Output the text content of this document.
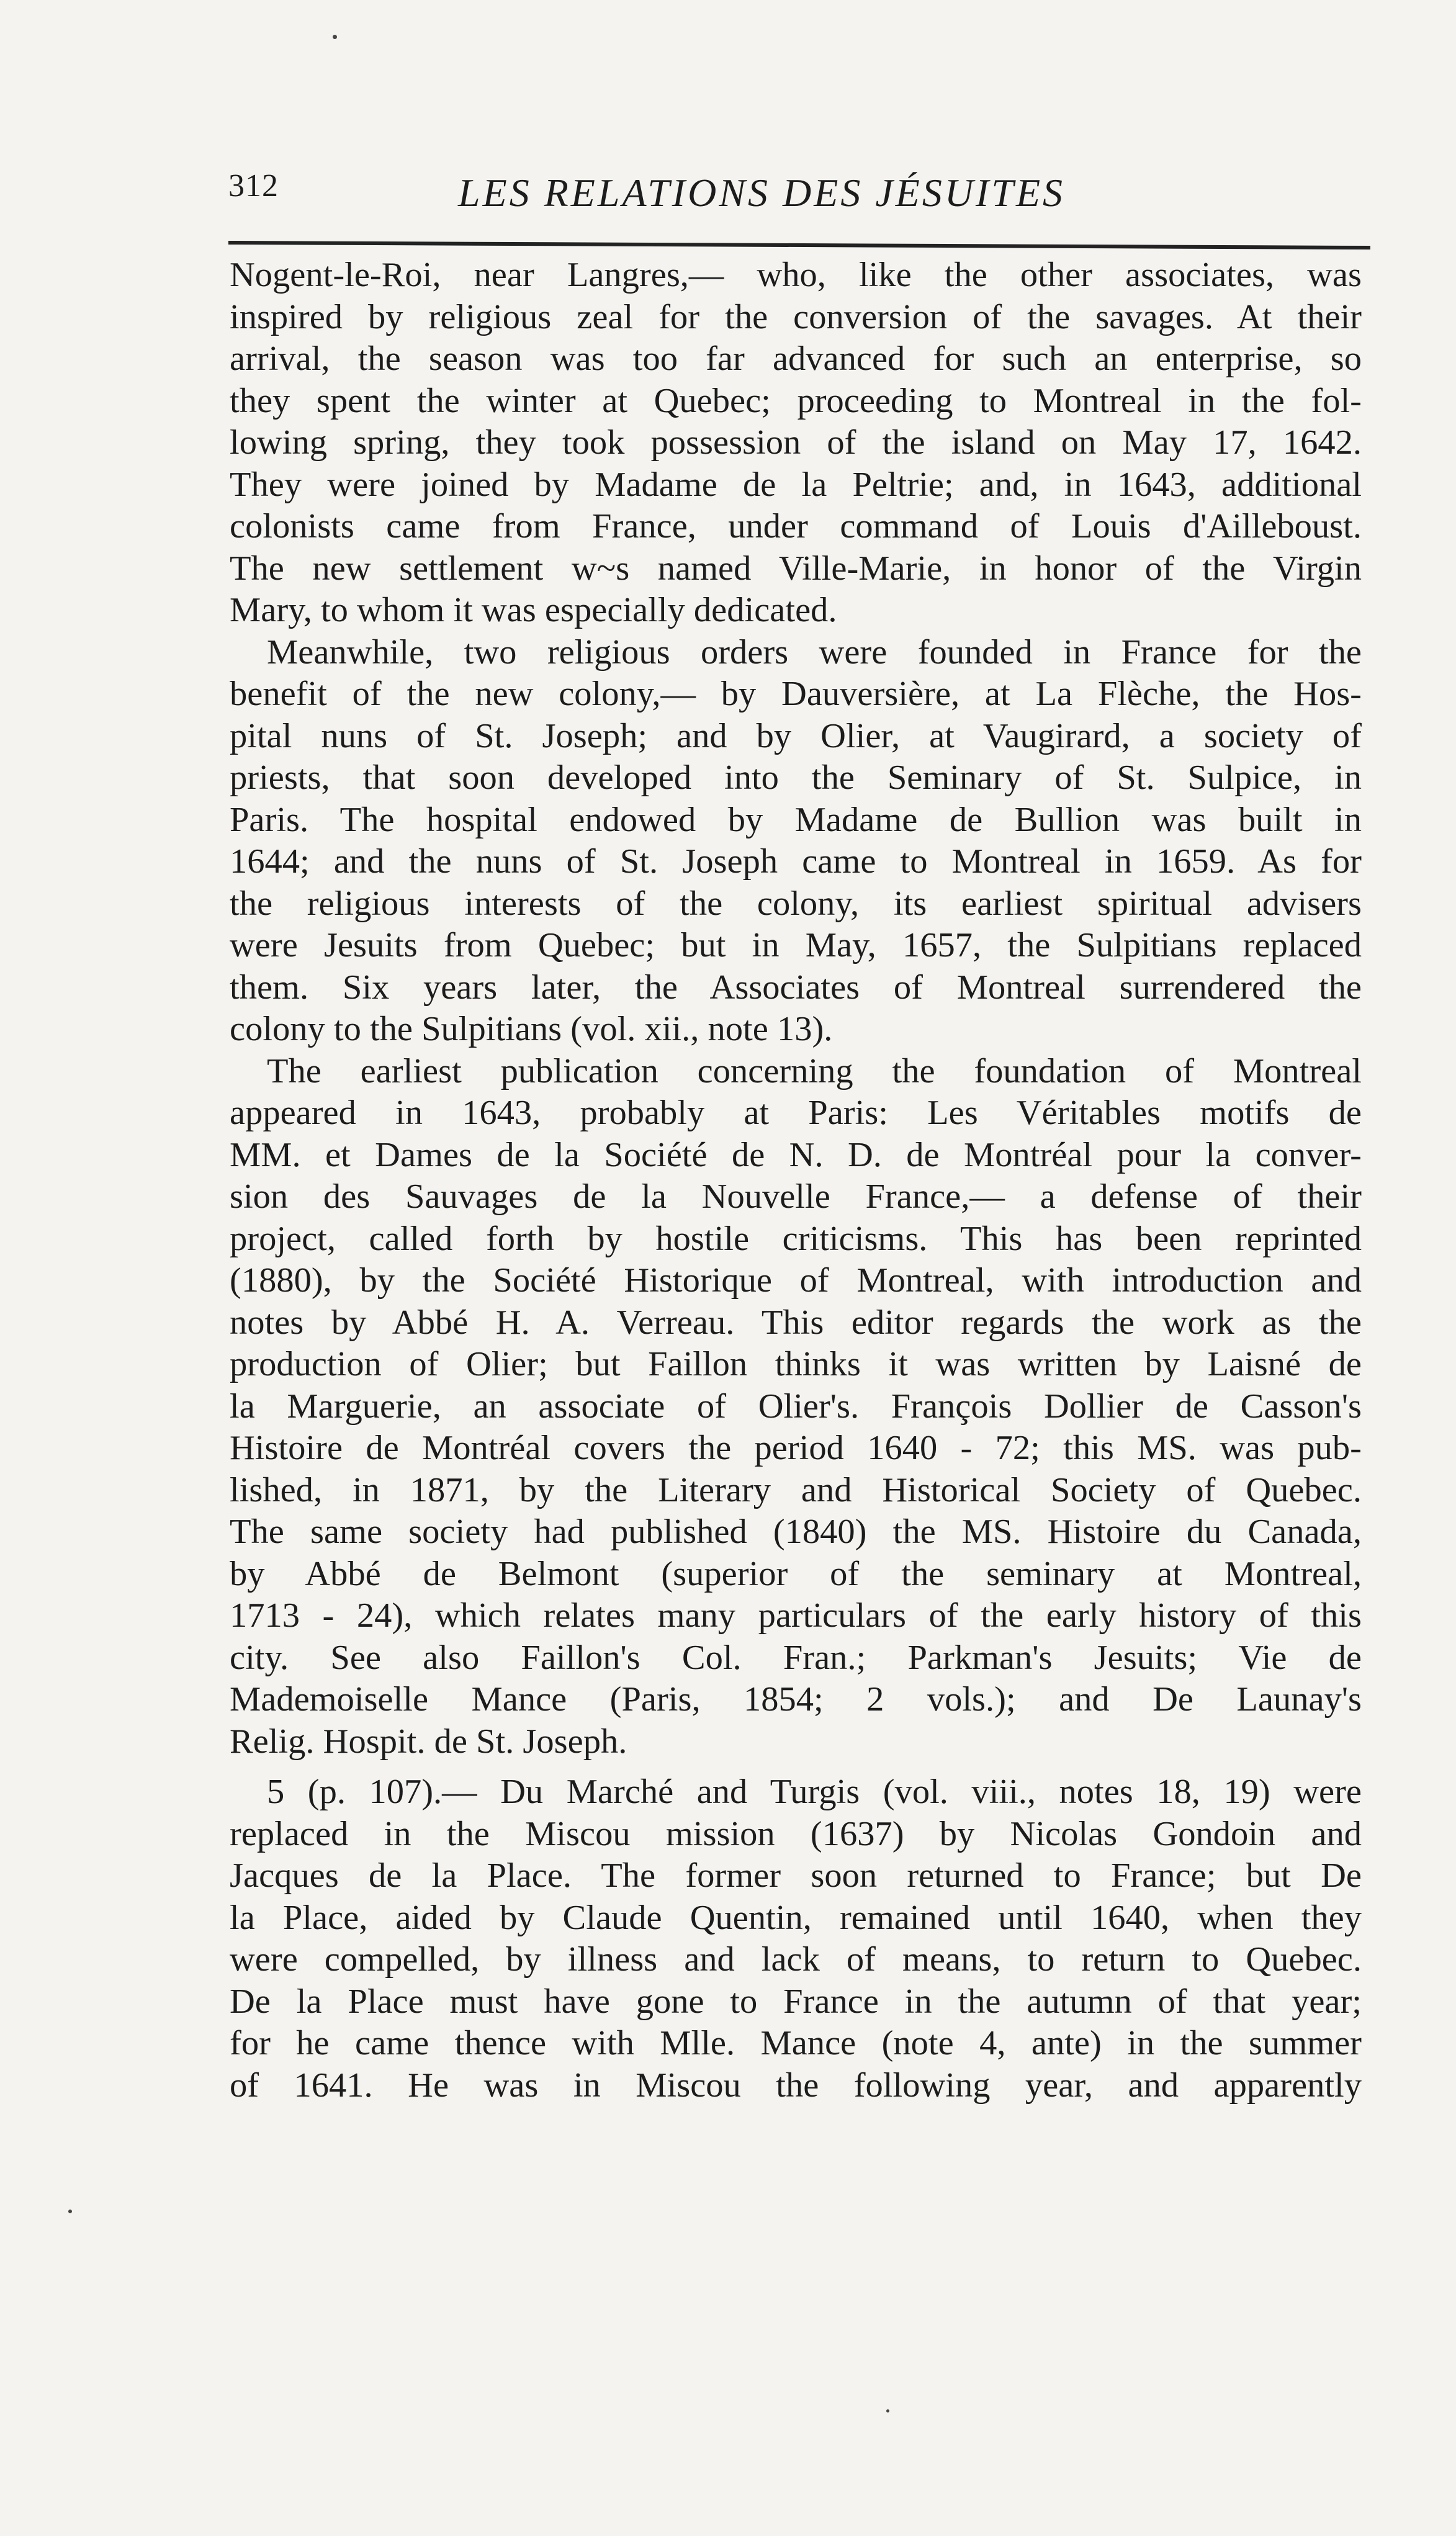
312	LES RELATIONS DES JÉSUITES
Nogent-le-Roi, near Langres,— who, like the other associates, was
inspired by religious zeal for the conversion of the savages. At their
arrival, the season was too far advanced for such an enterprise, so
they spent the winter at Quebec; proceeding to Montreal in the fol-
lowing spring, they took possession of the island on May 17, 1642.
They were joined by Madame de la Peltrie; and, in 1643, additional
colonists came from France, under command of Louis d'Ailleboust.
The new settlement w~s named Ville-Marie, in honor of the Virgin
Mary, to whom it was especially dedicated.
Meanwhile, two religious orders were founded in France for the
benefit of the new colony,— by Dauversière, at La Flèche, the Hos-
pital nuns of St. Joseph; and by Olier, at Vaugirard, a society of
priests, that soon developed into the Seminary of St. Sulpice, in
Paris. The hospital endowed by Madame de Bullion was built in
1644; and the nuns of St. Joseph came to Montreal in 1659. As for
the religious interests of the colony, its earliest spiritual advisers
were Jesuits from Quebec; but in May, 1657, the Sulpitians replaced
them. Six years later, the Associates of Montreal surrendered the
colony to the Sulpitians (vol. xii., note 13).
The earliest publication concerning the foundation of Montreal
appeared in 1643, probably at Paris: Les Véritables motifs de
MM. et Dames de la Société de N. D. de Montréal pour la conver-
sion des Sauvages de la Nouvelle France,— a defense of their
project, called forth by hostile criticisms. This has been reprinted
(1880), by the Société Historique of Montreal, with introduction and
notes by Abbé H. A. Verreau. This editor regards the work as the
production of Olier; but Faillon thinks it was written by Laisné de
la Marguerie, an associate of Olier's. François Dollier de Casson's
Histoire de Montréal covers the period 1640 - 72; this MS. was pub-
lished, in 1871, by the Literary and Historical Society of Quebec.
The same society had published (1840) the MS. Histoire du Canada,
by Abbé de Belmont (superior of the seminary at Montreal,
1713 - 24), which relates many particulars of the early history of this
city. See also Faillon's Col. Fran.; Parkman's Jesuits; Vie de
Mademoiselle Mance (Paris, 1854; 2 vols.); and De Launay's
Relig. Hospit. de St. Joseph.
5 (p. 107).— Du Marché and Turgis (vol. viii., notes 18, 19) were
replaced in the Miscou mission (1637) by Nicolas Gondoin and
Jacques de la Place. The former soon returned to France; but De
la Place, aided by Claude Quentin, remained until 1640, when they
were compelled, by illness and lack of means, to return to Quebec.
De la Place must have gone to France in the autumn of that year;
for he came thence with Mlle. Mance (note 4, ante) in the summer
of 1641. He was in Miscou the following year, and apparently
